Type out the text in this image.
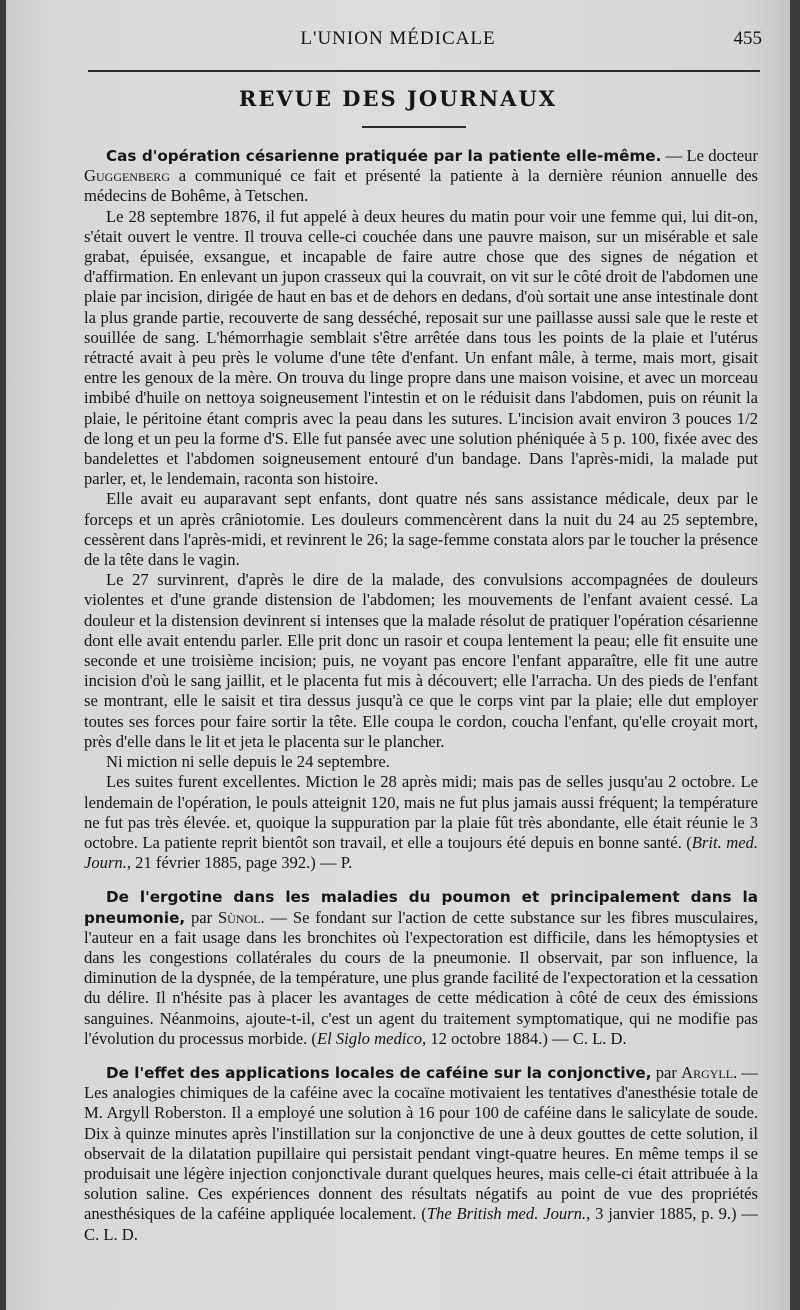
L'UNION MÉDICALE	455
REVUE DES JOURNAUX

Cas d'opération césarienne pratiquée par la patiente elle-même. — Le docteur Guggenberg a communiqué ce fait et présenté la patiente à la dernière réunion annuelle des médecins de Bohême, à Tetschen.

Le 28 septembre 1876, il fut appelé à deux heures du matin pour voir une femme qui, lui dit-on, s'était ouvert le ventre. Il trouva celle-ci couchée dans une pauvre maison, sur un misérable et sale grabat, épuisée, exsangue, et incapable de faire autre chose que des signes de négation et d'affirmation. En enlevant un jupon crasseux qui la couvrait, on vit sur le côté droit de l'abdomen une plaie par incision, dirigée de haut en bas et de dehors en dedans, d'où sortait une anse intestinale dont la plus grande partie, recouverte de sang desséché, reposait sur une paillasse aussi sale que le reste et souillée de sang. L'hémorrhagie semblait s'être arrêtée dans tous les points de la plaie et l'utérus rétracté avait à peu près le volume d'une tête d'enfant. Un enfant mâle, à terme, mais mort, gisait entre les genoux de la mère. On trouva du linge propre dans une maison voisine, et avec un morceau imbibé d'huile on nettoya soigneusement l'intestin et on le réduisit dans l'abdomen, puis on réunit la plaie, le péritoine étant compris avec la peau dans les sutures. L'incision avait environ 3 pouces 1/2 de long et un peu la forme d'S. Elle fut pansée avec une solution phéniquée à 5 p. 100, fixée avec des bandelettes et l'abdomen soigneusement entouré d'un bandage. Dans l'après-midi, la malade put parler, et, le lendemain, raconta son histoire.

Elle avait eu auparavant sept enfants, dont quatre nés sans assistance médicale, deux par le forceps et un après crâniotomie. Les douleurs commencèrent dans la nuit du 24 au 25 septembre, cessèrent dans l'après-midi, et revinrent le 26; la sage-femme constata alors par le toucher la présence de la tête dans le vagin.

Le 27 survinrent, d'après le dire de la malade, des convulsions accompagnées de douleurs violentes et d'une grande distension de l'abdomen; les mouvements de l'enfant avaient cessé. La douleur et la distension devinrent si intenses que la malade résolut de pratiquer l'opération césarienne dont elle avait entendu parler. Elle prit donc un rasoir et coupa lentement la peau; elle fit ensuite une seconde et une troisième incision; puis, ne voyant pas encore l'enfant apparaître, elle fit une autre incision d'où le sang jaillit, et le placenta fut mis à découvert; elle l'arracha. Un des pieds de l'enfant se montrant, elle le saisit et tira dessus jusqu'à ce que le corps vint par la plaie; elle dut employer toutes ses forces pour faire sortir la tête. Elle coupa le cordon, coucha l'enfant, qu'elle croyait mort, près d'elle dans le lit et jeta le placenta sur le plancher.

Ni miction ni selle depuis le 24 septembre.

Les suites furent excellentes. Miction le 28 après midi; mais pas de selles jusqu'au 2 octobre. Le lendemain de l'opération, le pouls atteignit 120, mais ne fut plus jamais aussi fréquent; la température ne fut pas très élevée. et, quoique la suppuration par la plaie fût très abondante, elle était réunie le 3 octobre. La patiente reprit bientôt son travail, et elle a toujours été depuis en bonne santé. (Brit. med. Journ., 21 février 1885, page 392.) — P.

De l'ergotine dans les maladies du poumon et principalement dans la pneumonie, par Sùnol. — Se fondant sur l'action de cette substance sur les fibres musculaires, l'auteur en a fait usage dans les bronchites où l'expectoration est difficile, dans les hémoptysies et dans les congestions collatérales du cours de la pneumonie. Il observait, par son influence, la diminution de la dyspnée, de la température, une plus grande facilité de l'expectoration et la cessation du délire. Il n'hésite pas à placer les avantages de cette médication à côté de ceux des émissions sanguines. Néanmoins, ajoute-t-il, c'est un agent du traitement symptomatique, qui ne modifie pas l'évolution du processus morbide. (El Siglo medico, 12 octobre 1884.) — C. L. D.

De l'effet des applications locales de caféine sur la conjonctive, par Argyll. — Les analogies chimiques de la caféine avec la cocaïne motivaient les tentatives d'anesthésie totale de M. Argyll Roberston. Il a employé une solution à 16 pour 100 de caféine dans le salicylate de soude. Dix à quinze minutes après l'instillation sur la conjonctive de une à deux gouttes de cette solution, il observait de la dilatation pupillaire qui persistait pendant vingt-quatre heures. En même temps il se produisait une légère injection conjonctivale durant quelques heures, mais celle-ci était attribuée à la solution saline. Ces expériences donnent des résultats négatifs au point de vue des propriétés anesthésiques de la caféine appliquée localement. (The British med. Journ., 3 janvier 1885, p. 9.) — C. L. D.
